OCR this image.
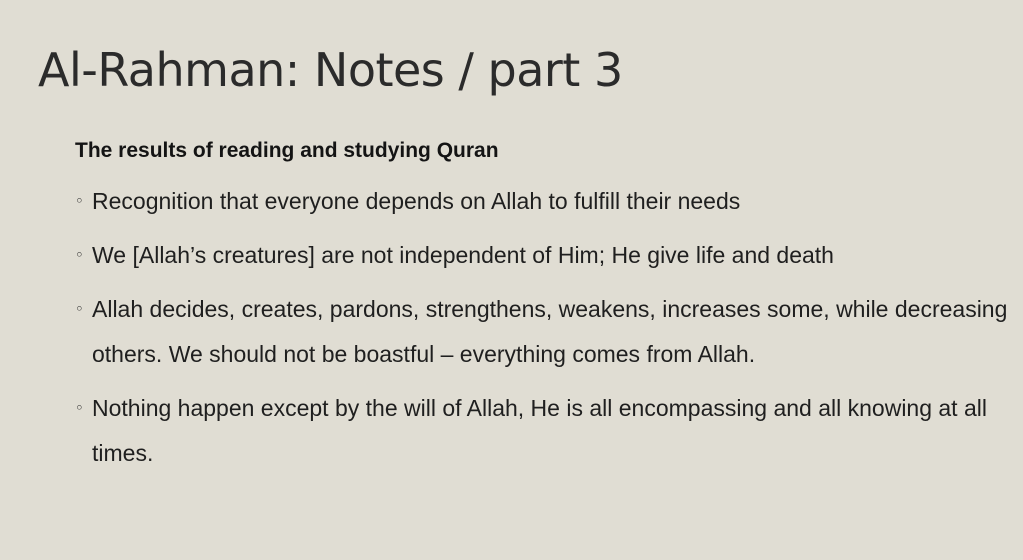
Al-Rahman: Notes / part 3
The results of reading and studying Quran
◦ Recognition that everyone depends on Allah to fulfill their needs
◦ We [Allah’s creatures] are not independent of Him; He give life and death
◦ Allah decides, creates, pardons, strengthens, weakens, increases some, while decreasing others. We should not be boastful – everything comes from Allah.
◦ Nothing happen except by the will of Allah, He is all encompassing and all knowing at all times.
